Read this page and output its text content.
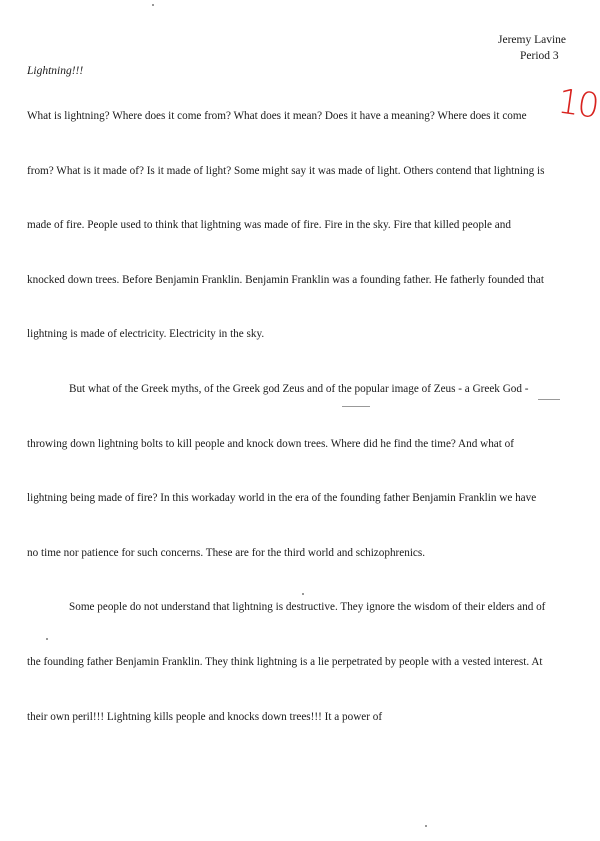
Jeremy Lavine
Period 3
10
Lightning!!!

What is lightning? Where does it come from? What does it mean? Does it have a meaning? Where does it come from? What is it made of? Is it made of light? Some might say it was made of light. Others contend that lightning is made of fire. People used to think that lightning was made of fire. Fire in the sky. Fire that killed people and knocked down trees. Before Benjamin Franklin. Benjamin Franklin was a founding father. He fatherly founded that lightning is made of electricity. Electricity in the sky.

But what of the Greek myths, of the Greek god Zeus and of the popular image of Zeus - a Greek God - throwing down lightning bolts to kill people and knock down trees. Where did he find the time? And what of lightning being made of fire? In this workaday world in the era of the founding father Benjamin Franklin we have no time nor patience for such concerns. These are for the third world and schizophrenics.

Some people do not understand that lightning is destructive. They ignore the wisdom of their elders and of the founding father Benjamin Franklin. They think lightning is a lie perpetrated by people with a vested interest. At their own peril!!! Lightning kills people and knocks down trees!!! It a power of
